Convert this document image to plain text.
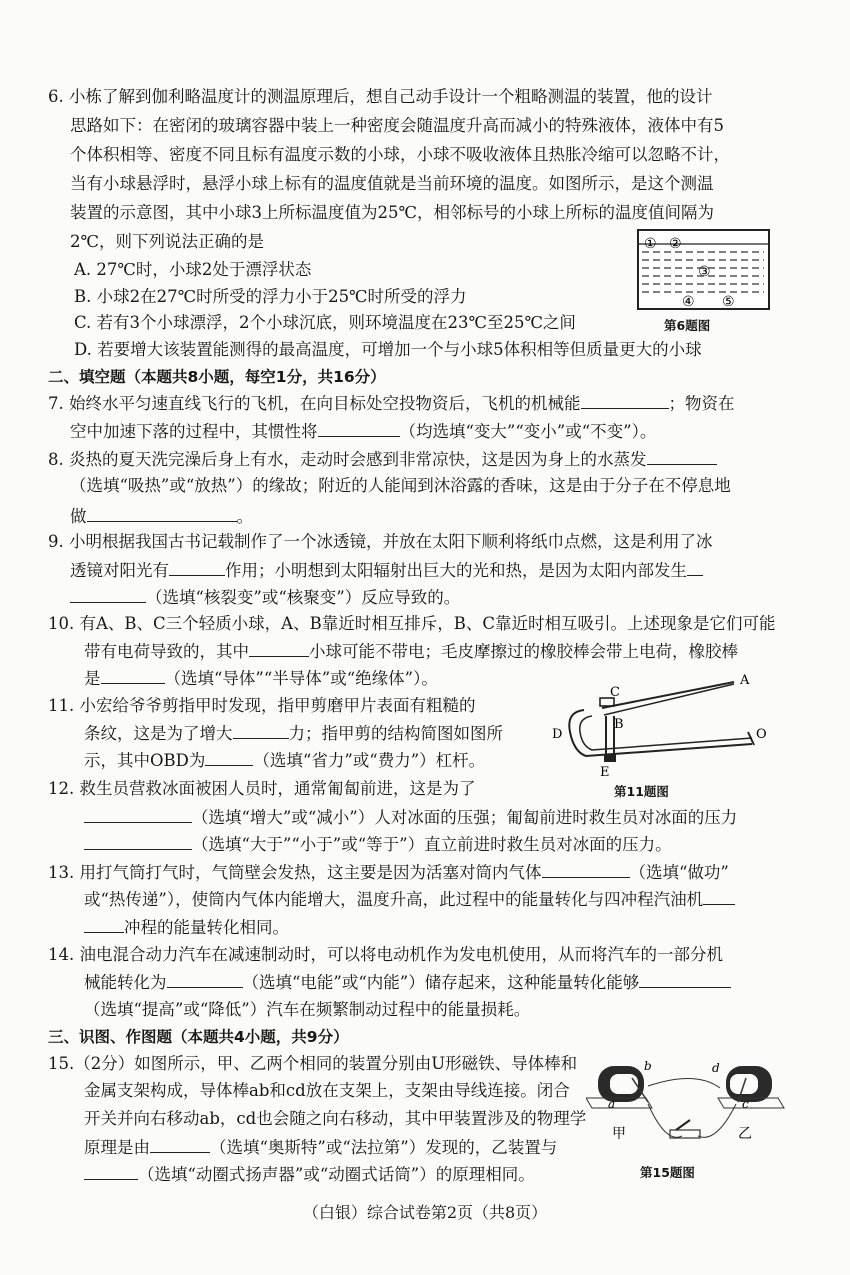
6. 小栋了解到伽利略温度计的测温原理后，想自己动手设计一个粗略测温的装置，他的设计
思路如下：在密闭的玻璃容器中装上一种密度会随温度升高而减小的特殊液体，液体中有5
个体积相等、密度不同且标有温度示数的小球，小球不吸收液体且热胀冷缩可以忽略不计，
当有小球悬浮时，悬浮小球上标有的温度值就是当前环境的温度。如图所示，是这个测温
装置的示意图，其中小球3上所标温度值为25℃，相邻标号的小球上所标的温度值间隔为
2℃，则下列说法正确的是
A. 27℃时，小球2处于漂浮状态
B. 小球2在27℃时所受的浮力小于25℃时所受的浮力
C. 若有3个小球漂浮，2个小球沉底，则环境温度在23℃至25℃之间
D. 若要增大该装置能测得的最高温度，可增加一个与小球5体积相等但质量更大的小球
① ②
③
④ ⑤
第6题图
二、填空题（本题共8小题，每空1分，共16分）
7. 始终水平匀速直线飞行的飞机，在向目标处空投物资后，飞机的机械能	；物资在
空中加速下落的过程中，其惯性将	（均选填“变大”“变小”或“不变”）。
8. 炎热的夏天洗完澡后身上有水，走动时会感到非常凉快，这是因为身上的水蒸发
（选填“吸热”或“放热”）的缘故；附近的人能闻到沐浴露的香味，这是由于分子在不停息地
做	。
9. 小明根据我国古书记载制作了一个冰透镜，并放在太阳下顺利将纸巾点燃，这是利用了冰
透镜对阳光有	作用；小明想到太阳辐射出巨大的光和热，是因为太阳内部发生
（选填“核裂变”或“核聚变”）反应导致的。
10. 有A、B、C三个轻质小球，A、B靠近时相互排斥，B、C靠近时相互吸引。上述现象是它们可能
带有电荷导致的，其中	小球可能不带电；毛皮摩擦过的橡胶棒会带上电荷，橡胶棒
是	（选填“导体”“半导体”或“绝缘体”）。
11. 小宏给爷爷剪指甲时发现，指甲剪磨甲片表面有粗糙的
条纹，这是为了增大	力；指甲剪的结构简图如图所
示，其中OBD为	（选填“省力”或“费力”）杠杆。
A
C
B
D	O
E
第11题图
12. 救生员营救冰面被困人员时，通常匍匐前进，这是为了
（选填“增大”或“减小”）人对冰面的压强；匍匐前进时救生员对冰面的压力
（选填“大于”“小于”或“等于”）直立前进时救生员对冰面的压力。
13. 用打气筒打气时，气筒壁会发热，这主要是因为活塞对筒内气体	（选填“做功”
或“热传递”），使筒内气体内能增大，温度升高，此过程中的能量转化与四冲程汽油机
冲程的能量转化相同。
14. 油电混合动力汽车在减速制动时，可以将电动机作为发电机使用，从而将汽车的一部分机
械能转化为	（选填“电能”或“内能”）储存起来，这种能量转化能够
（选填“提高”或“降低”）汽车在频繁制动过程中的能量损耗。
三、识图、作图题（本题共4小题，共9分）
15.（2分）如图所示，甲、乙两个相同的装置分别由U形磁铁、导体棒和
金属支架构成，导体棒ab和cd放在支架上，支架由导线连接。闭合
开关并向右移动ab，cd也会随之向右移动，其中甲装置涉及的物理学
原理是由	（选填“奥斯特”或“法拉第”）发现的，乙装置与
（选填“动圈式扬声器”或“动圈式话筒”）的原理相同。
b
a
d
c
甲	乙
第15题图
（白银）综合试卷第2页（共8页）
